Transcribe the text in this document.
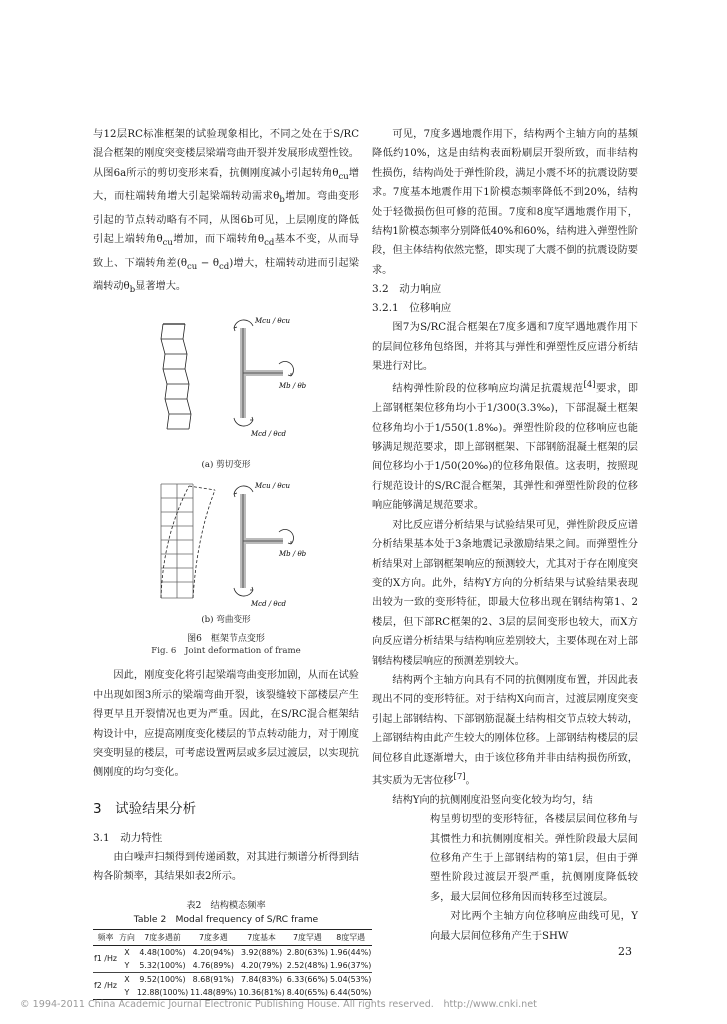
与12层RC标准框架的试验现象相比，不同之处在于S/RC混合框架的刚度突变楼层梁端弯曲开裂并发展形成塑性铰。从图6a所示的剪切变形来看，抗侧刚度减小引起转角$\theta_{cu}$增大，而柱端转角增大引起梁端转动需求$\theta_b$增加。弯曲变形引起的节点转动略有不同，从图6b可见，上层刚度的降低引起上端转角$\theta_{cu}$增加，而下端转角$\theta_{cd}$基本不变，从而导致上、下端转角差$(\theta_{cu} - \theta_{cd})$增大，柱端转动进而引起梁端转动$\theta_b$显著增大。

Mcu / θcu
Mb / θb
Mcd / θcd
(a) 剪切变形
Mcu / θcu
Mb / θb
Mcd / θcd
(b) 弯曲变形
图6　框架节点变形
Fig. 6　Joint deformation of frame

因此，刚度变化将引起梁端弯曲变形加剧，从而在试验中出现如图3所示的梁端弯曲开裂，该裂缝较下部楼层产生得更早且开裂情况也更为严重。因此，在S/RC混合框架结构设计中，应提高刚度变化楼层的节点转动能力，对于刚度突变明显的楼层，可考虑设置两层或多层过渡层，以实现抗侧刚度的均匀变化。

3　试验结果分析
3.1　动力特性

由白噪声扫频得到传递函数，对其进行频谱分析得到结构各阶频率，其结果如表2所示。

表2　结构模态频率
Table 2　Modal frequency of S/RC frame
频率	方向	7度多遇前	7度多遇	7度基本	7度罕遇	8度罕遇
f1 /Hz	X	4.48(100%)	4.20(94%)	3.92(88%)	2.80(63%)	1.96(44%)
	Y	5.32(100%)	4.76(89%)	4.20(79%)	2.52(48%)	1.96(37%)
f2 /Hz	X	9.52(100%)	8.68(91%)	7.84(83%)	6.33(66%)	5.04(53%)
	Y	12.88(100%)	11.48(89%)	10.36(81%)	8.40(65%)	6.44(50%)

可见，7度多遇地震作用下，结构两个主轴方向的基频降低约10%，这是由结构表面粉刷层开裂所致，而非结构性损伤，结构尚处于弹性阶段，满足小震不坏的抗震设防要求。7度基本地震作用下1阶模态频率降低不到20%，结构处于轻微损伤但可修的范围。7度和8度罕遇地震作用下，结构1阶模态频率分别降低40%和60%，结构进入弹塑性阶段，但主体结构依然完整，即实现了大震不倒的抗震设防要求。

3.2　动力响应
3.2.1　位移响应

图7为S/RC混合框架在7度多遇和7度罕遇地震作用下的层间位移角包络图，并将其与弹性和弹塑性反应谱分析结果进行对比。

结构弹性阶段的位移响应均满足抗震规范[4]要求，即上部钢框架位移角均小于1/300(3.3‰)，下部混凝土框架位移角均小于1/550(1.8‰)。弹塑性阶段的位移响应也能够满足规范要求，即上部钢框架、下部钢筋混凝土框架的层间位移均小于1/50(20‰)的位移角限值。这表明，按照现行规范设计的S/RC混合框架，其弹性和弹塑性阶段的位移响应能够满足规范要求。

对比反应谱分析结果与试验结果可见，弹性阶段反应谱分析结果基本处于3条地震记录激励结果之间。而弹塑性分析结果对上部钢框架响应的预测较大，尤其对于存在刚度突变的X方向。此外，结构Y方向的分析结果与试验结果表现出较为一致的变形特征，即最大位移出现在钢结构第1、2楼层，但下部RC框架的2、3层的层间变形也较大，而X方向反应谱分析结果与结构响应差别较大，主要体现在对上部钢结构楼层响应的预测差别较大。

结构两个主轴方向具有不同的抗侧刚度布置，并因此表现出不同的变形特征。对于结构X向而言，过渡层刚度突变引起上部钢结构、下部钢筋混凝土结构相交节点较大转动，上部钢结构由此产生较大的刚体位移。上部钢结构楼层的层间位移自此逐渐增大，由于该位移角并非由结构损伤所致，其实质为无害位移[7]。

结构Y向的抗侧刚度沿竖向变化较为均匀，结

构呈剪切型的变形特征，各楼层层间位移角与其惯性力和抗侧刚度相关。弹性阶段最大层间位移角产生于上部钢结构的第1层，但由于弹塑性阶段过渡层开裂严重，抗侧刚度降低较多，最大层间位移角因而转移至过渡层。

对比两个主轴方向位移响应曲线可见，Y向最大层间位移角产生于SHW

23
© 1994-2011 China Academic Journal Electronic Publishing House. All rights reserved.　http://www.cnki.net
